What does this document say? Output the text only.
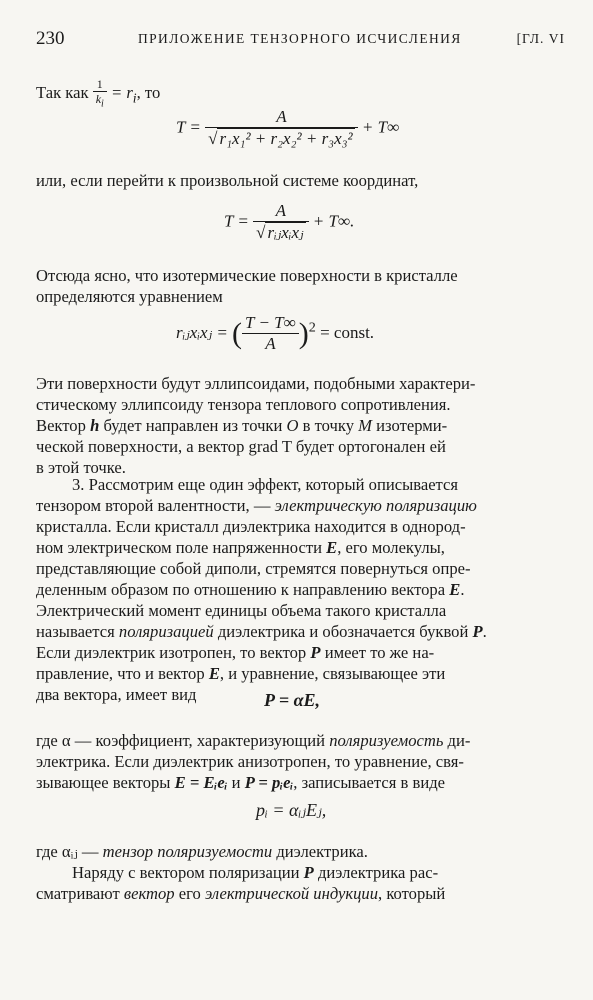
230	ПРИЛОЖЕНИЕ ТЕНЗОРНОГО ИСЧИСЛЕНИЯ	[ГЛ. VI
Так как $\frac{1}{k_i} = r_i$, то
$T = \frac{A}{\text{√ r₁x₁² + r₂x₂² + r₃x₃²}} + T\infty$
или, если перейти к произвольной системе координат,
$T = \frac{A}{\text{√ rᵢⱼxᵢxⱼ}} + T\infty$.
Отсюда ясно, что изотермические поверхности в кристалле
определяются уравнением
rᵢⱼxᵢxⱼ = ( $\frac{T - T\infty}{A} )^2$ = const.
Эти поверхности будут эллипсоидами, подобными характери-
стическому эллипсоиду тензора теплового сопротивления.
Вектор h будет направлен из точки O в точку M изотерми-
ческой поверхности, а вектор grad T будет ортогонален ей
в этой точке.
3. Рассмотрим еще один эффект, который описывается
тензором второй валентности, — электрическую поляризацию
кристалла. Если кристалл диэлектрика находится в однород-
ном электрическом поле напряженности E, его молекулы,
представляющие собой диполи, стремятся повернуться опре-
деленным образом по отношению к направлению вектора E.
Электрический момент единицы объема такого кристалла
называется поляризацией диэлектрика и обозначается буквой P.
Если диэлектрик изотропен, то вектор P имеет то же на-
правление, что и вектор E, и уравнение, связывающее эти
два вектора, имеет вид	P = αE,
где α — коэффициент, характеризующий поляризуемость ди-
электрика. Если диэлектрик анизотропен, то уравнение, свя-
зывающее векторы E = Eᵢeᵢ и P = pᵢeᵢ, записывается в виде
pᵢ = αᵢⱼEⱼ,
где αᵢⱼ — тензор поляризуемости диэлектрика.
Наряду с вектором поляризации P диэлектрика рас-
сматривают вектор его электрической индукции, который
